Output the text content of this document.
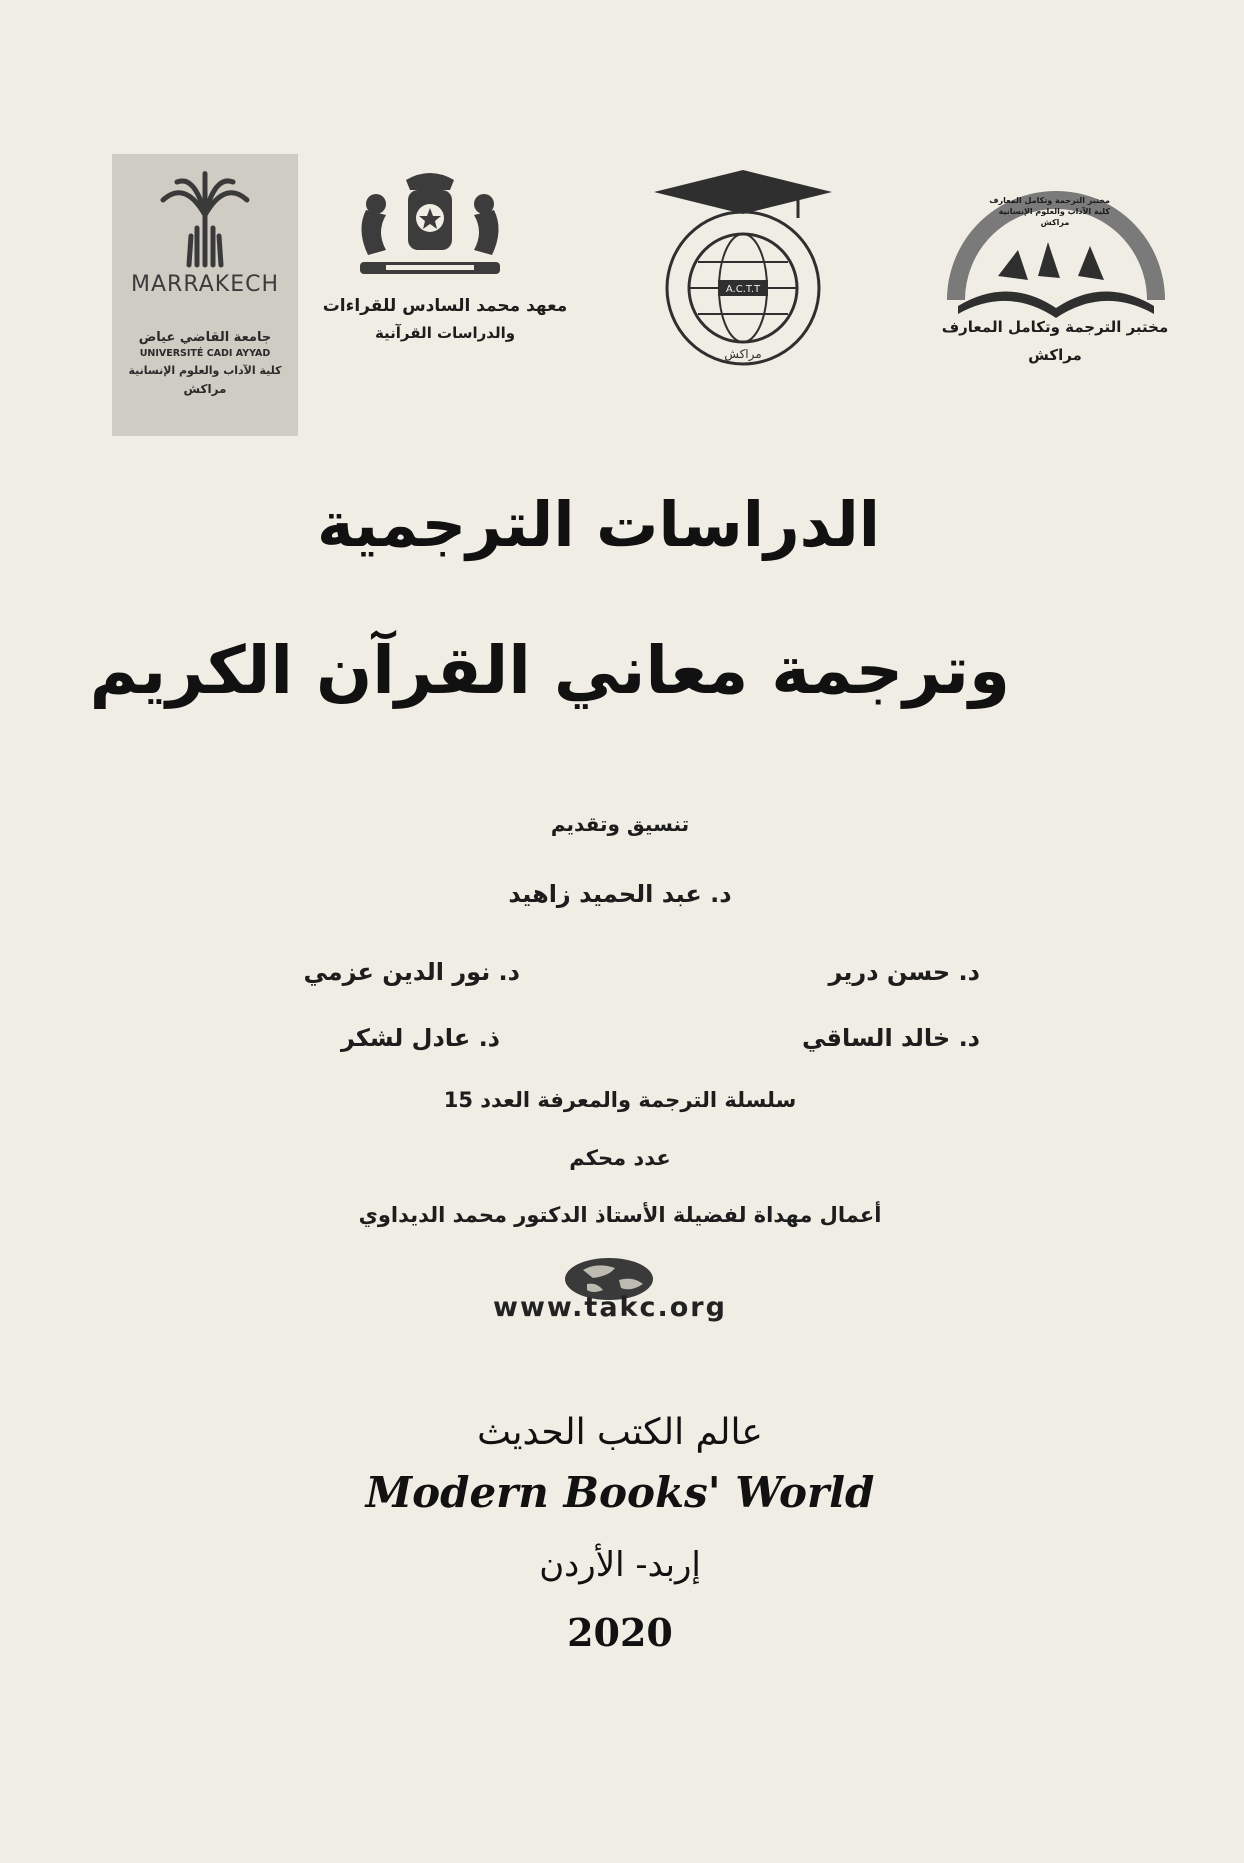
MARRAKECH
جامعة القاضي عياض
UNIVERSITÉ CADI AYYAD
كلية الآداب والعلوم الإنسانية
مراكش
معهد محمد السادس للقراءات
والدراسات القرآنية
A.C.T.T
مراكش
مختبر الترجمة وتكامل المعارف
كلية الآداب والعلوم الإنسانية
مراكش
مختبر الترجمة وتكامل المعارف
مراكش
الدراسات الترجمية
وترجمة معاني القرآن الكريم
تنسيق وتقديم
د. عبد الحميد زاهيد
د. حسن درير
د. نور الدين عزمي
د. خالد الساقي
ذ. عادل لشكر
سلسلة الترجمة والمعرفة العدد 15
عدد محكم
أعمال مهداة لفضيلة الأستاذ الدكتور محمد الديداوي
www.takc.org
عالم الكتب الحديث
Modern Books' World
إربد- الأردن
2020
